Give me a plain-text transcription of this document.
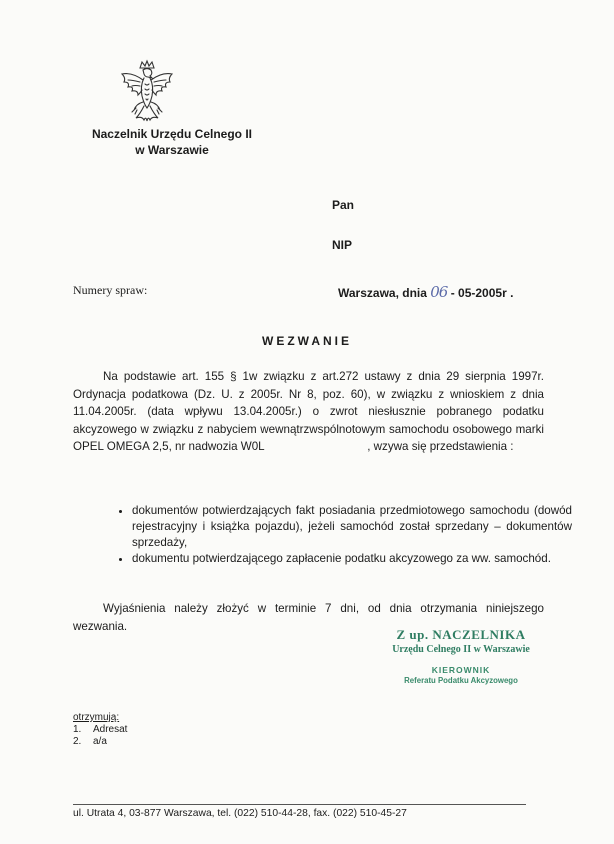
Naczelnik Urzędu Celnego II
w Warszawie
Pan
NIP
Numery spraw:	Warszawa, dnia 06 - 05-2005r .
WEZWANIE
Na podstawie art. 155 § 1w związku z art.272 ustawy z dnia 29 sierpnia 1997r. Ordynacja podatkowa (Dz. U. z 2005r. Nr 8, poz. 60), w związku z wnioskiem z dnia 11.04.2005r. (data wpływu 13.04.2005r.) o zwrot niesłusznie pobranego podatku akcyzowego w związku z nabyciem wewnątrzwspólnotowym samochodu osobowego marki OPEL OMEGA 2,5, nr nadwozia W0L                                , wzywa się przedstawienia :
• dokumentów potwierdzających fakt posiadania przedmiotowego samochodu (dowód rejestracyjny i książka pojazdu), jeżeli samochód został sprzedany – dokumentów sprzedaży,
• dokumentu potwierdzającego zapłacenie podatku akcyzowego za ww. samochód.
Wyjaśnienia należy złożyć w terminie 7 dni, od dnia otrzymania niniejszego wezwania.
Z up. NACZELNIKA
Urzędu Celnego II w Warszawie
KIEROWNIK
Referatu Podatku Akcyzowego
otrzymują:
1. Adresat
2. a/a
ul. Utrata 4, 03-877 Warszawa, tel. (022) 510-44-28, fax. (022) 510-45-27
